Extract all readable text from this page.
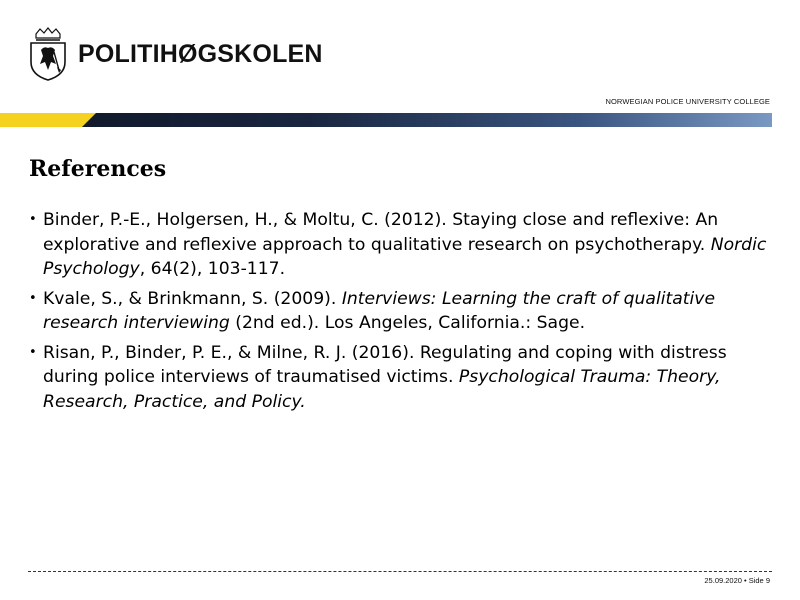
POLITIHØGSKOLEN
NORWEGIAN POLICE UNIVERSITY COLLEGE
References
• Binder, P.-E., Holgersen, H., & Moltu, C. (2012). Staying close and reflexive: An explorative and reflexive approach to qualitative research on psychotherapy. Nordic Psychology, 64(2), 103-117.
• Kvale, S., & Brinkmann, S. (2009). Interviews: Learning the craft of qualitative research interviewing (2nd ed.). Los Angeles, California.: Sage.
• Risan, P., Binder, P. E., & Milne, R. J. (2016). Regulating and coping with distress during police interviews of traumatised victims. Psychological Trauma: Theory, Research, Practice, and Policy.
25.09.2020 • Side 9
